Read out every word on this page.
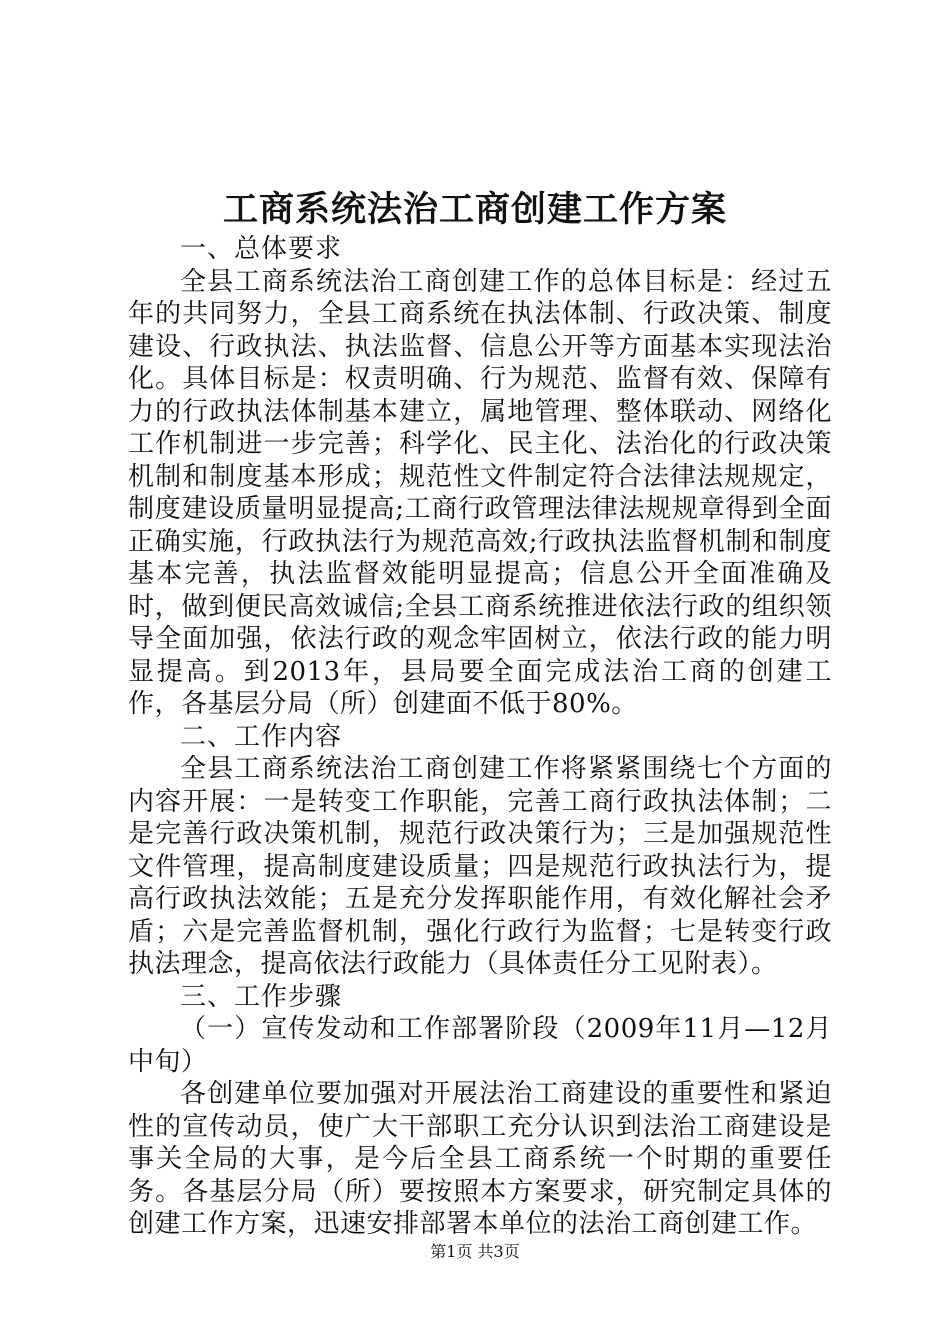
工商系统法治工商创建工作方案

一、总体要求

全县工商系统法治工商创建工作的总体目标是：经过五年的共同努力，全县工商系统在执法体制、行政决策、制度建设、行政执法、执法监督、信息公开等方面基本实现法治化。具体目标是：权责明确、行为规范、监督有效、保障有力的行政执法体制基本建立，属地管理、整体联动、网络化工作机制进一步完善；科学化、民主化、法治化的行政决策机制和制度基本形成；规范性文件制定符合法律法规规定，制度建设质量明显提高;工商行政管理法律法规规章得到全面正确实施，行政执法行为规范高效;行政执法监督机制和制度基本完善，执法监督效能明显提高；信息公开全面准确及时，做到便民高效诚信;全县工商系统推进依法行政的组织领导全面加强，依法行政的观念牢固树立，依法行政的能力明显提高。到2013年，县局要全面完成法治工商的创建工作，各基层分局（所）创建面不低于80%。

二、工作内容

全县工商系统法治工商创建工作将紧紧围绕七个方面的内容开展：一是转变工作职能，完善工商行政执法体制；二是完善行政决策机制，规范行政决策行为；三是加强规范性文件管理，提高制度建设质量；四是规范行政执法行为，提高行政执法效能；五是充分发挥职能作用，有效化解社会矛盾；六是完善监督机制，强化行政行为监督；七是转变行政执法理念，提高依法行政能力（具体责任分工见附表）。

三、工作步骤

（一）宣传发动和工作部署阶段（2009年11月—12月中旬）

各创建单位要加强对开展法治工商建设的重要性和紧迫性的宣传动员，使广大干部职工充分认识到法治工商建设是事关全局的大事，是今后全县工商系统一个时期的重要任务。各基层分局（所）要按照本方案要求，研究制定具体的创建工作方案，迅速安排部署本单位的法治工商创建工作。

第1页 共3页
